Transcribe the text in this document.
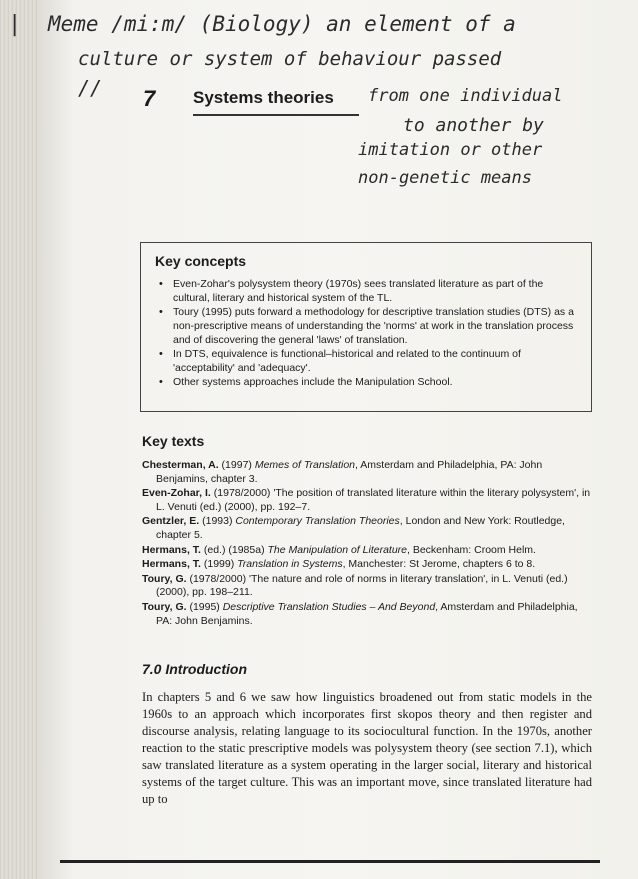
| Meme /mi:m/ (Biology) an element of a
culture or system of behaviour passed
//	from one individual
to another by
imitation or other
non-genetic means
7 Systems theories
Key concepts
• Even-Zohar's polysystem theory (1970s) sees translated literature as part of the cultural, literary and historical system of the TL.
• Toury (1995) puts forward a methodology for descriptive translation studies (DTS) as a non-prescriptive means of understanding the 'norms' at work in the translation process and of discovering the general 'laws' of translation.
• In DTS, equivalence is functional–historical and related to the continuum of 'acceptability' and 'adequacy'.
• Other systems approaches include the Manipulation School.
Key texts
Chesterman, A. (1997) Memes of Translation, Amsterdam and Philadelphia, PA: John Benjamins, chapter 3.
Even-Zohar, I. (1978/2000) 'The position of translated literature within the literary polysystem', in L. Venuti (ed.) (2000), pp. 192–7.
Gentzler, E. (1993) Contemporary Translation Theories, London and New York: Routledge, chapter 5.
Hermans, T. (ed.) (1985a) The Manipulation of Literature, Beckenham: Croom Helm.
Hermans, T. (1999) Translation in Systems, Manchester: St Jerome, chapters 6 to 8.
Toury, G. (1978/2000) 'The nature and role of norms in literary translation', in L. Venuti (ed.) (2000), pp. 198–211.
Toury, G. (1995) Descriptive Translation Studies – And Beyond, Amsterdam and Philadelphia, PA: John Benjamins.
7.0 Introduction
In chapters 5 and 6 we saw how linguistics broadened out from static models in the 1960s to an approach which incorporates first skopos theory and then register and discourse analysis, relating language to its sociocultural function. In the 1970s, another reaction to the static prescriptive models was polysystem theory (see section 7.1), which saw translated literature as a system operating in the larger social, literary and historical systems of the target culture. This was an important move, since translated literature had up to
